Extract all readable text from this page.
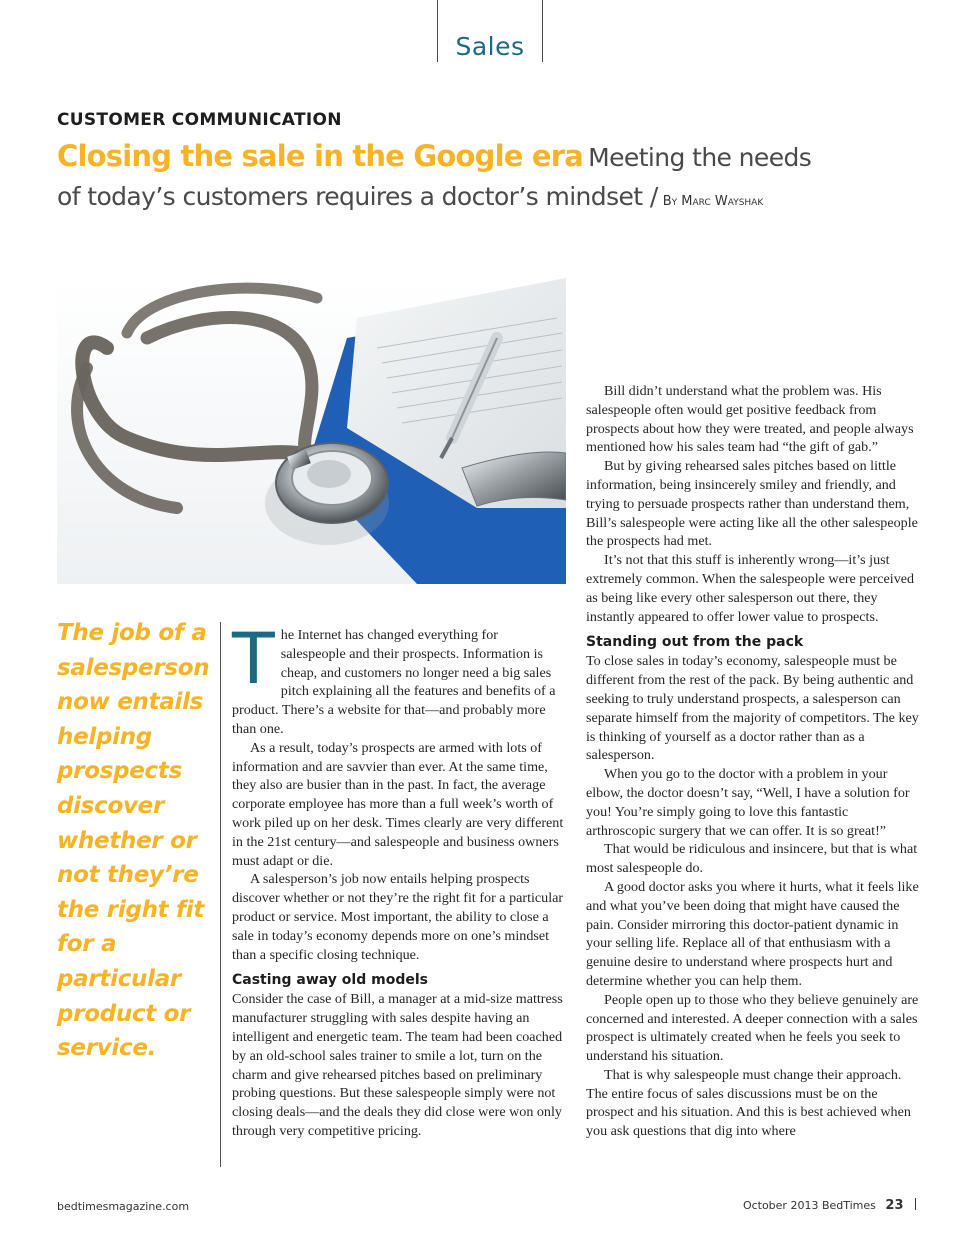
Sales
CUSTOMER COMMUNICATION
Closing the sale in the Google era Meeting the needs
of today’s customers requires a doctor’s mindset / By Marc Wayshak
The job of a salesperson now entails helping prospects discover whether or not they’re the right fit for a particular product or service.

The Internet has changed everything for salespeople and their prospects. Information is cheap, and customers no longer need a big sales pitch explaining all the features and benefits of a product. There’s a website for that—and probably more than one.

As a result, today’s prospects are armed with lots of information and are savvier than ever. At the same time, they also are busier than in the past. In fact, the average corporate employee has more than a full week’s worth of work piled up on her desk. Times clearly are very different in the 21st century—and salespeople and business owners must adapt or die.

A salesperson’s job now entails helping prospects discover whether or not they’re the right fit for a particular product or service. Most important, the ability to close a sale in today’s economy depends more on one’s mindset than a specific closing technique.

Casting away old models

Consider the case of Bill, a manager at a mid-size mattress manufacturer struggling with sales despite having an intelligent and energetic team. The team had been coached by an old-school sales trainer to smile a lot, turn on the charm and give rehearsed pitches based on preliminary probing questions. But these salespeople simply were not closing deals—and the deals they did close were won only through very competitive pricing.

Bill didn’t understand what the problem was. His salespeople often would get positive feedback from prospects about how they were treated, and people always mentioned how his sales team had “the gift of gab.”

But by giving rehearsed sales pitches based on little information, being insincerely smiley and friendly, and trying to persuade prospects rather than understand them, Bill’s salespeople were acting like all the other salespeople the prospects had met.

It’s not that this stuff is inherently wrong—it’s just extremely common. When the salespeople were perceived as being like every other salesperson out there, they instantly appeared to offer lower value to prospects.

Standing out from the pack

To close sales in today’s economy, salespeople must be different from the rest of the pack. By being authentic and seeking to truly understand prospects, a salesperson can separate himself from the majority of competitors. The key is thinking of yourself as a doctor rather than as a salesperson.

When you go to the doctor with a problem in your elbow, the doctor doesn’t say, “Well, I have a solution for you! You’re simply going to love this fantastic arthroscopic surgery that we can offer. It is so great!”

That would be ridiculous and insincere, but that is what most salespeople do.

A good doctor asks you where it hurts, what it feels like and what you’ve been doing that might have caused the pain. Consider mirroring this doctor-patient dynamic in your selling life. Replace all of that enthusiasm with a genuine desire to understand where prospects hurt and determine whether you can help them.

People open up to those who they believe genuinely are concerned and interested. A deeper connection with a sales prospect is ultimately created when he feels you seek to understand his situation.

That is why salespeople must change their approach. The entire focus of sales discussions must be on the prospect and his situation. And this is best achieved when you ask questions that dig into where

bedtimesmagazine.com	October 2013 BedTimes 23
